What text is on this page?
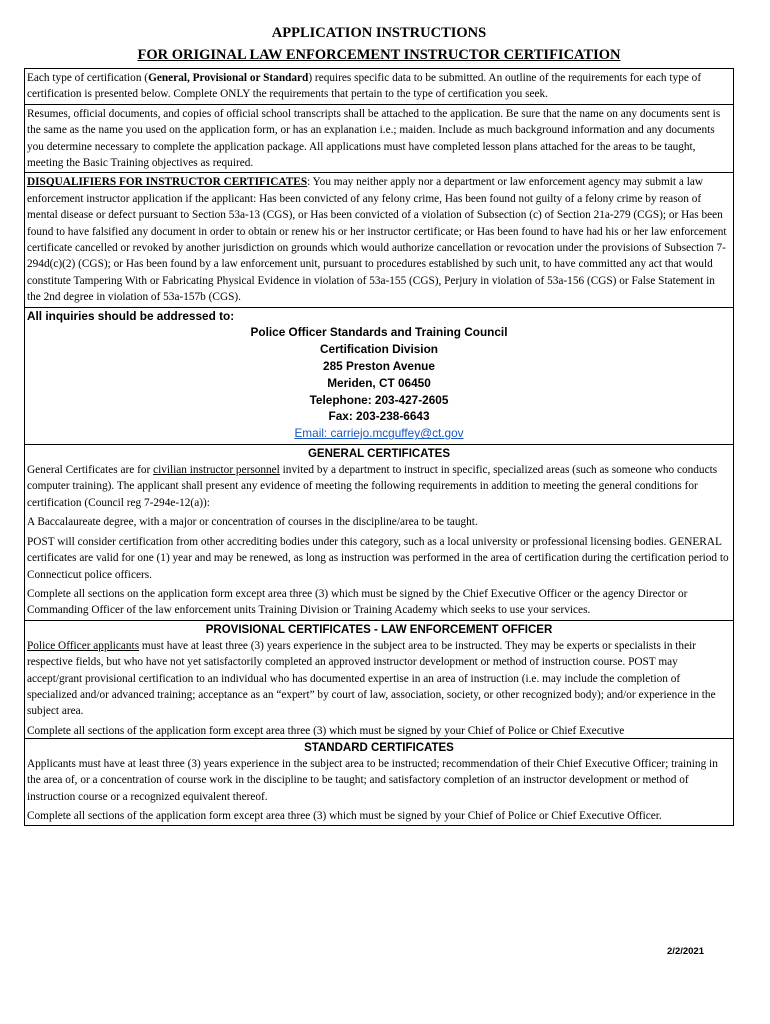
APPLICATION INSTRUCTIONS
FOR ORIGINAL LAW ENFORCEMENT INSTRUCTOR CERTIFICATION

Each type of certification (General, Provisional or Standard) requires specific data to be submitted. An outline of the requirements for each type of certification is presented below. Complete ONLY the requirements that pertain to the type of certification you seek.

Resumes, official documents, and copies of official school transcripts shall be attached to the application. Be sure that the name on any documents sent is the same as the name you used on the application form, or has an explanation i.e.; maiden. Include as much background information and any documents you determine necessary to complete the application package. All applications must have completed lesson plans attached for the areas to be taught, meeting the Basic Training objectives as required.

DISQUALIFIERS FOR INSTRUCTOR CERTIFICATES: You may neither apply nor a department or law enforcement agency may submit a law enforcement instructor application if the applicant: Has been convicted of any felony crime, Has been found not guilty of a felony crime by reason of mental disease or defect pursuant to Section 53a-13 (CGS), or Has been convicted of a violation of Subsection (c) of Section 21a-279 (CGS); or Has been found to have falsified any document in order to obtain or renew his or her instructor certificate; or Has been found to have had his or her law enforcement certificate cancelled or revoked by another jurisdiction on grounds which would authorize cancellation or revocation under the provisions of Subsection 7-294d(c)(2) (CGS); or Has been found by a law enforcement unit, pursuant to procedures established by such unit, to have committed any act that would constitute Tampering With or Fabricating Physical Evidence in violation of 53a-155 (CGS), Perjury in violation of 53a-156 (CGS) or False Statement in the 2nd degree in violation of 53a-157b (CGS).

All inquiries should be addressed to:
Police Officer Standards and Training Council
Certification Division
285 Preston Avenue
Meriden, CT 06450
Telephone: 203-427-2605
Fax: 203-238-6643
Email: carriejo.mcguffey@ct.gov
GENERAL CERTIFICATES

General Certificates are for civilian instructor personnel invited by a department to instruct in specific, specialized areas (such as someone who conducts computer training). The applicant shall present any evidence of meeting the following requirements in addition to meeting the general conditions for certification (Council reg 7-294e-12(a)):

A Baccalaureate degree, with a major or concentration of courses in the discipline/area to be taught.

POST will consider certification from other accrediting bodies under this category, such as a local university or professional licensing bodies. GENERAL certificates are valid for one (1) year and may be renewed, as long as instruction was performed in the area of certification during the certification period to Connecticut police officers.

Complete all sections on the application form except area three (3) which must be signed by the Chief Executive Officer or the agency Director or Commanding Officer of the law enforcement units Training Division or Training Academy which seeks to use your services.

PROVISIONAL CERTIFICATES - LAW ENFORCEMENT OFFICER

Police Officer applicants must have at least three (3) years experience in the subject area to be instructed. They may be experts or specialists in their respective fields, but who have not yet satisfactorily completed an approved instructor development or method of instruction course. POST may accept/grant provisional certification to an individual who has documented expertise in an area of instruction (i.e. may include the completion of specialized and/or advanced training; acceptance as an “expert” by court of law, association, society, or other recognized body); and/or experience in the subject area.

Complete all sections of the application form except area three (3) which must be signed by your Chief of Police or Chief Executive

STANDARD CERTIFICATES

Applicants must have at least three (3) years experience in the subject area to be instructed; recommendation of their Chief Executive Officer; training in the area of, or a concentration of course work in the discipline to be taught; and satisfactory completion of an instructor development or method of instruction course or a recognized equivalent thereof.

Complete all sections of the application form except area three (3) which must be signed by your Chief of Police or Chief Executive Officer.

2/2/2021
